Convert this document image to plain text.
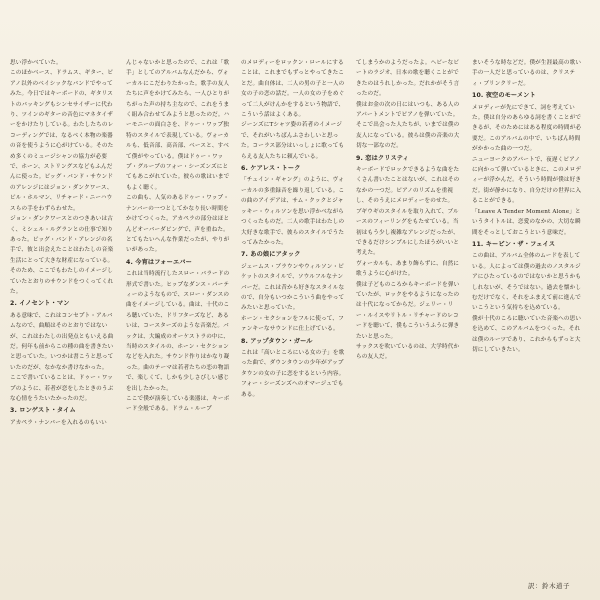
思い浮かべていた。

このほかベース、ドラムス、ギター、ピアノ以外のベイシックなバンドでやってみた。今日ではキーボードの、ギタリストのバッキングもシンセサイザーに代わり、ツインのギターの音色にマネタイザーをかけたりしている。わたしたちのレコーディングでは、なるべく本物の楽器の音を使うように心がけている。そのため多くのミュージシャンの協力が必要で、ホーン、ストリングスなどもふんだんに使った。ビッグ・バンド・サウンドのアレンジにはジョン・ダンクワース、ビル・ホルマン、リチャード・ニーハウスらの手をわずらわせた。

ジョン・ダンクワースとのつきあいは古く、ミシェル・ルグランとの仕事で知りあった。ビッグ・バンド・アレンジの名手で、彼と出会えたことはわたしの音楽生活にとって大きな財産になっている。そのため、ここでもわたしのイメージしていたとおりのサウンドをつくってくれた。

2. イノセント・マン

ある意味で、これはコンセプト・アルバムなので、曲順はそのとおりではないが、これはわたしの出発点ともいえる曲だ。何年も前からこの種の曲を書きたいと思っていた。いつかは書こうと思っていたのだが、なかなか書けなかった。

ここで書いていることは、ドゥー・ワップのように、若者が恋をしたときのうぶな心情をうたいたかったのだ。

3. ロンゲスト・タイム

アカペラ・ナンバーを入れるのもいい

んじゃないかと思ったので、これは「歌手」としてのアルバムなんだから、ヴォーカルにこだわりたかった。歌手の友人たちに声をかけてみたら、一人ひとりがちがった声の持ち主なので、これをうまく組み合わせてみようと思ったのだ。ハーモニーの面白さを、ドゥー・ワップ独特のスタイルで表現している。ヴォーカルも、低音部、高音部、ベースと、すべて僕がやっている。僕はドゥー・ワップ・グループのフォー・シーズンズにとてもあこがれていた。彼らの歌はいまでもよく聴く。

この曲も、人気のあるドゥー・ワップ・ナンバーの一つとしてかなり長い時間をかけてつくった。アカペラの部分はほとんどオーバーダビングで、声を重ねた。とてもたいへんな作業だったが、やりがいがあった。

4. 今宵はフォーエバー

これは当時流行したスロー・バラードの形式で書いた。ヒップなダンス・パーティーのようなもので、スロー・ダンスの曲をイメージしている。曲は、十代のころ聴いていた、ドリフターズなど、あるいは、コースターズのような音楽だ。バックは、大編成のオーケストラの中に、当時のスタイルの、ホーン・セクションなどを入れた。サウンド作りはかなり凝った。曲のテーマは若者たちの恋の物語で、楽しくて、しかも少しさびしい感じを出したかった。

ここで僕が演奏している楽器は、キーボード全般である。ドラム・ループ

のメロディーをロックン・ロールにすることは、これまでもずっとやってきたことだ。曲自体は、二人の男の子と一人の女の子の恋の話だ。一人の女の子をめぐって二人がけんかをするという物語で、こういう話はよくある。

ジーンズにTシャツ姿の若者のイメージで、それがいちばんふさわしいと思った。コーラス部分はいっしょに歌ってもらえる友人たちに頼んでいる。

6. ケアレス・トーク

「チェイン・ギャング」のように、ヴォーカルの多重録音を繰り返している。この曲のアイデアは、サム・クックとジャッキー・ウィルソンを思い浮かべながらつくったものだ。二人の歌手はわたしの大好きな歌手で、彼らのスタイルでうたってみたかった。

7. あの娘にアタック

ジェームス・ブラウンやウィルソン・ピケットのスタイルで、ソウルフルなナンバーだ。これは昔から好きなスタイルなので、自分もいつかこういう曲をやってみたいと思っていた。

ホーン・セクションをフルに使って、ファンキーなサウンドに仕上げている。

8. アップタウン・ガール

これは「高いところにいる女の子」を歌った曲で、ダウンタウンの少年がアップタウンの女の子に恋をするという内容。フォー・シーズンズへのオマージュでもある。

てしまうかのようだったよ。ヘビーなビートのラジオ、日本の歌を聴くことができたのはうれしかった。だれかがそう言ったのだ。

僕はお金の次の日にはいつも、ある人のアパートメントでピアノを弾いていた。そこで出会った人たちが、いまでは僕の友人になっている。彼らは僕の音楽の大切な一部なのだ。

9. 恋はクリスティ

キーボードでロックできるような曲をたくさん書いたことはないが、これはそのなかの一つだ。ピアノのリズムを重視し、そのうえにメロディーをのせた。

ブギウギのスタイルを取り入れて、ブルースのフィーリングをもたせている。当初はもう少し複雑なアレンジだったが、できるだけシンプルにしたほうがいいと考えた。

ヴォーカルも、あまり飾らずに、自然に歌うように心がけた。

僕は子どものころからキーボードを弾いていたが、ロックをやるようになったのは十代になってからだ。ジェリー・リー・ルイスやリトル・リチャードのレコードを聴いて、僕もこういうふうに弾きたいと思った。

サックスを吹いているのは、大学時代からの友人だ。

まいそうな時などだ。僕が生涯最高の歌い手の一人だと思っているのは、クリスティ・ブリンクリーだ。

10. 夜空のモーメント

メロディーが先にできて、詞を考えていた。僕は自分のあらゆる詞を書くことができるが、そのためにはある程度の時間が必要だ。このアルバムの中で、いちばん時間がかかった曲の一つだ。

ニューヨークのアパートで、夜遅くピアノに向かって弾いているときに、このメロディーが浮かんだ。そういう時間が僕は好きだ。街が静かになり、自分だけの世界に入ることができる。

「Leave A Tender Moment Alone」というタイトルは、恋愛のなかの、大切な瞬間をそっとしておこうという意味だ。

11. キーピン・ザ・フェイス

この曲は、アルバム全体のムードを表している。人によっては僕の過去のノスタルジアにひたっているのではないかと思うかもしれないが、そうではない。過去を懐かしむだけでなく、それをふまえて前に進んでいこうという気持ちを込めている。

僕が十代のころに聴いていた音楽への思いを込めて、このアルバムをつくった。それは僕のルーツであり、これからもずっと大切にしていきたい。

訳：鈴木道子
